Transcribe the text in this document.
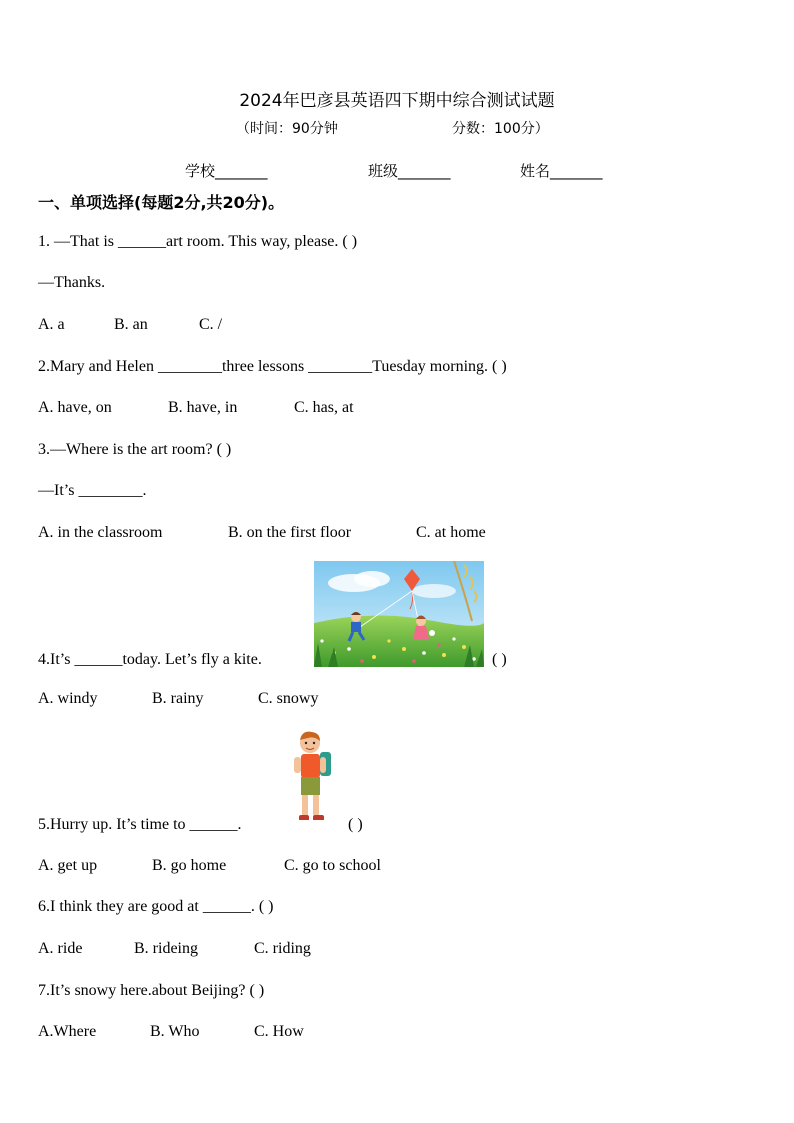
2024年巴彦县英语四下期中综合测试试题
（时间：90分钟	分数：100分）
学校_______	班级_______	姓名_______
一、单项选择(每题2分,共20分)。
1. —That is ______art room. This way, please. ( )
—Thanks.
A. a	B. an	C. /
2.Mary and Helen ________three lessons ________Tuesday morning. ( )
A. have, on	B. have, in	C. has, at
3.—Where is the art room? ( )
—It’s ________.
A. in the classroom	B. on the first floor	C. at home
4.It’s ______today. Let’s fly a kite.	( )
A. windy	B. rainy	C. snowy
5.Hurry up. It’s time to ______.	( )
A. get up	B. go home	C. go to school
6.I think they are good at ______. ( )
A. ride	B. rideing	C. riding
7.It’s snowy here.about Beijing? ( )
A.Where	B. Who	C. How
